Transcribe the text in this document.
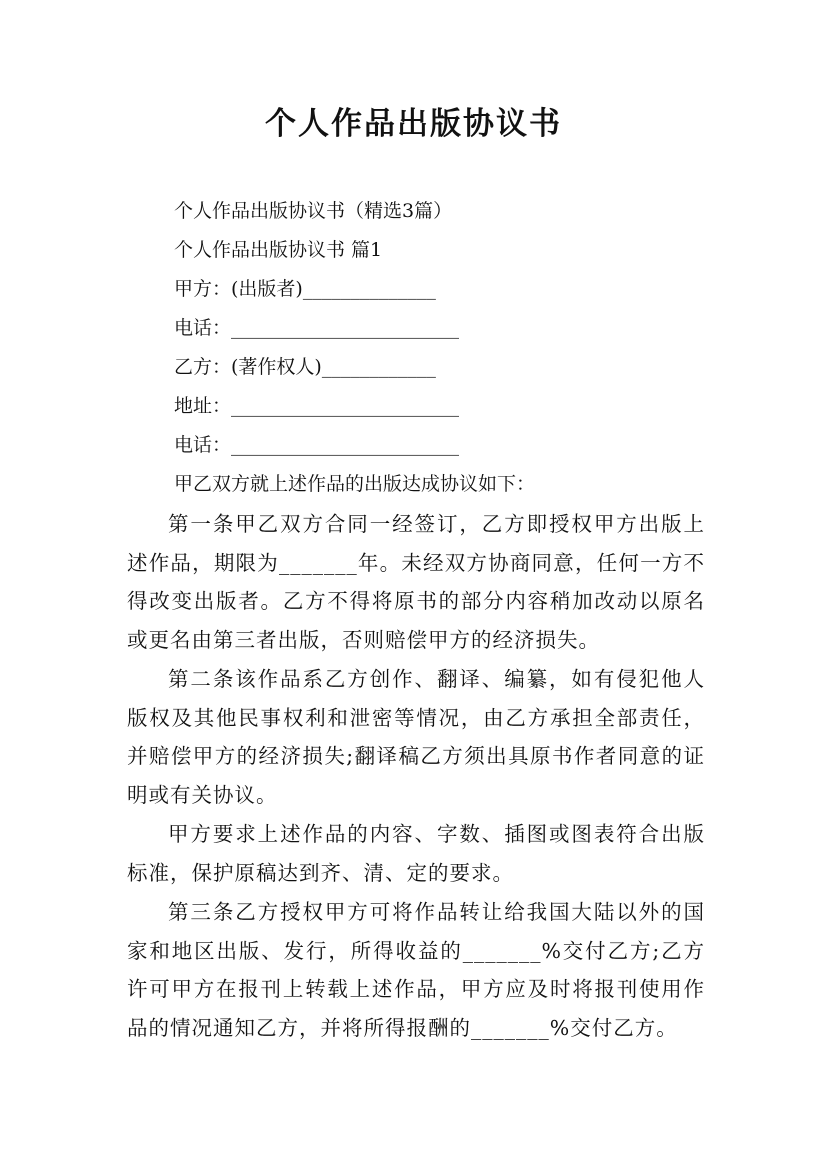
个人作品出版协议书
个人作品出版协议书（精选3篇）
个人作品出版协议书 篇1
甲方：(出版者)______________
电话：________________________
乙方：(著作权人)____________
地址：________________________
电话：________________________
甲乙双方就上述作品的出版达成协议如下：
第一条甲乙双方合同一经签订，乙方即授权甲方出版上述作品，期限为_______年。未经双方协商同意，任何一方不得改变出版者。乙方不得将原书的部分内容稍加改动以原名或更名由第三者出版，否则赔偿甲方的经济损失。
第二条该作品系乙方创作、翻译、编纂，如有侵犯他人版权及其他民事权利和泄密等情况，由乙方承担全部责任，并赔偿甲方的经济损失;翻译稿乙方须出具原书作者同意的证明或有关协议。
甲方要求上述作品的内容、字数、插图或图表符合出版标准，保护原稿达到齐、清、定的要求。
第三条乙方授权甲方可将作品转让给我国大陆以外的国家和地区出版、发行，所得收益的_______%交付乙方;乙方许可甲方在报刊上转载上述作品，甲方应及时将报刊使用作品的情况通知乙方，并将所得报酬的_______%交付乙方。
